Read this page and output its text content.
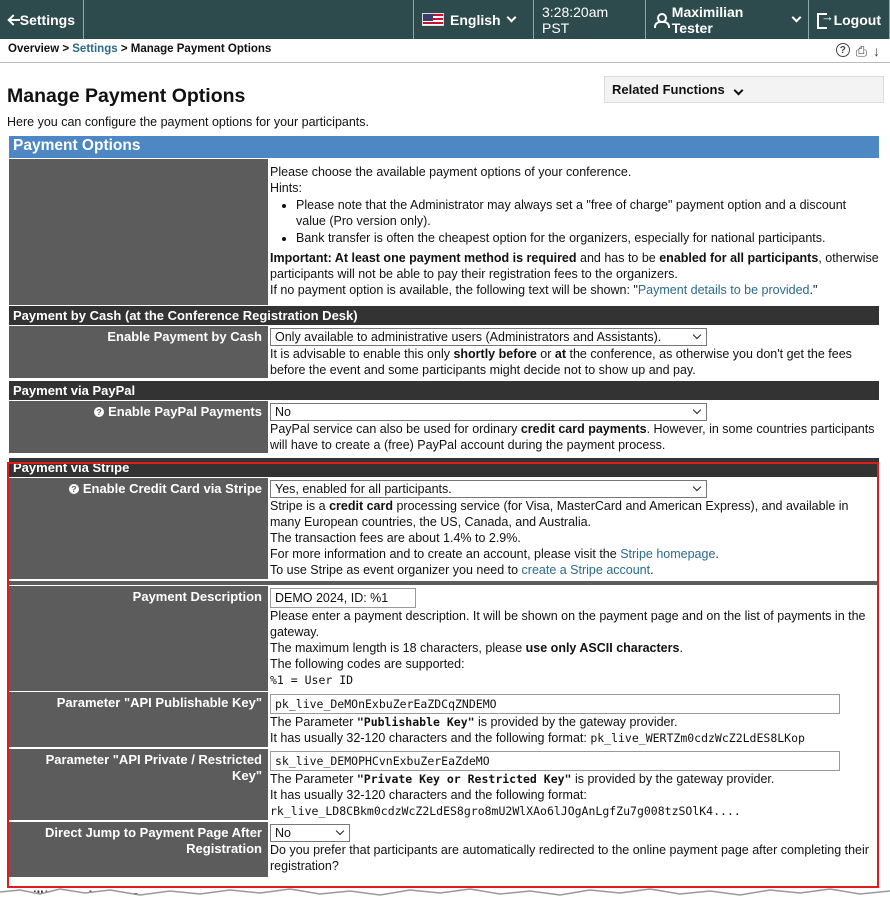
Settings	English	3:28:20am PST
Maximilian Tester
→	Logout
Overview > Settings > Manage Payment Options	? ⎙ ↓
Related Functions
Manage Payment Options
Here you can configure the payment options for your participants.
Payment Options

Please choose the available payment options of your conference.

Hints:

• Please note that the Administrator may always set a "free of charge" payment option and a discount value (Pro version only).
• Bank transfer is often the cheapest option for the organizers, especially for national participants.

Important: At least one payment method is required and has to be enabled for all participants, otherwise participants will not be able to pay their registration fees to the organizers.

If no payment option is available, the following text will be shown: "Payment details to be provided."

Payment by Cash (at the Conference Registration Desk)
Enable Payment by Cash	Only available to administrative users (Administrators and Assistants).

It is advisable to enable this only shortly before or at the conference, as otherwise you don't get the fees before the event and some participants might decide not to show up and pay.

Payment via PayPal
? Enable PayPal Payments	No

PayPal service can also be used for ordinary credit card payments. However, in some countries participants will have to create a (free) PayPal account during the payment process.

Payment via Stripe
? Enable Credit Card via Stripe	Yes, enabled for all participants.

Stripe is a credit card processing service (for Visa, MasterCard and American Express), and available in many European countries, the US, Canada, and Australia.

The transaction fees are about 1.4% to 2.9%.

For more information and to create an account, please visit the Stripe homepage.

To use Stripe as event organizer you need to create a Stripe account.

Payment Description	DEMO 2024, ID: %1

Please enter a payment description. It will be shown on the payment page and on the list of payments in the gateway.

The maximum length is 18 characters, please use only ASCII characters.

The following codes are supported:

%1 = User ID

Parameter "API Publishable Key"	pk_live_DeMOnExbuZerEaZDCqZNDEMO

The Parameter "Publishable Key" is provided by the gateway provider.

It has usually 32-120 characters and the following format: pk_live_WERTZm0cdzWcZ2LdES8LKop

Parameter "API Private / Restricted Key"
sk_live_DEMOPHCvnExbuZerEaZdeMO

The Parameter "Private Key or Restricted Key" is provided by the gateway provider.

It has usually 32-120 characters and the following format:

rk_live_LD8CBkm0cdzWcZ2LdES8gro8mU2WlXAo6lJOgAnLgfZu7g008tzSOlK4....

Direct Jump to Payment Page After Registration
No

Do you prefer that participants are automatically redirected to the online payment page after completing their registration?
